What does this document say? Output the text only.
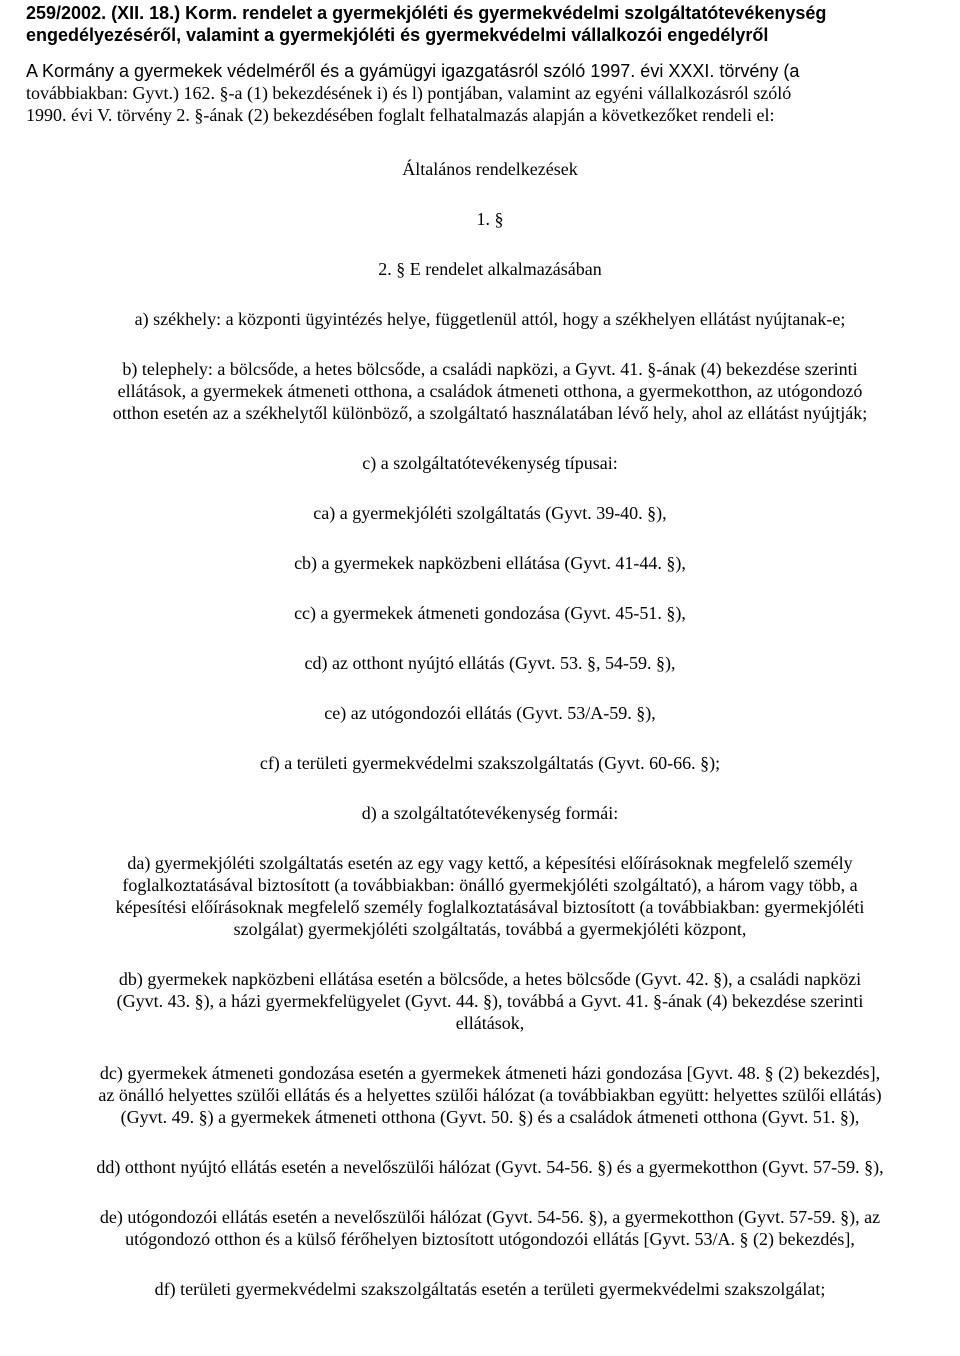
259/2002. (XII. 18.) Korm. rendelet a gyermekjóléti és gyermekvédelmi szolgáltatótevékenység
engedélyezéséről, valamint a gyermekjóléti és gyermekvédelmi vállalkozói engedélyről
A Kormány a gyermekek védelméről és a gyámügyi igazgatásról szóló 1997. évi XXXI. törvény (a
továbbiakban: Gyvt.) 162. §-a (1) bekezdésének i) és l) pontjában, valamint az egyéni vállalkozásról szóló
1990. évi V. törvény 2. §-ának (2) bekezdésében foglalt felhatalmazás alapján a következőket rendeli el:
Általános rendelkezések
1. §
2. § E rendelet alkalmazásában
a) székhely: a központi ügyintézés helye, függetlenül attól, hogy a székhelyen ellátást nyújtanak-e;
b) telephely: a bölcsőde, a hetes bölcsőde, a családi napközi, a Gyvt. 41. §-ának (4) bekezdése szerinti
ellátások, a gyermekek átmeneti otthona, a családok átmeneti otthona, a gyermekotthon, az utógondozó
otthon esetén az a székhelytől különböző, a szolgáltató használatában lévő hely, ahol az ellátást nyújtják;
c) a szolgáltatótevékenység típusai:
ca) a gyermekjóléti szolgáltatás (Gyvt. 39-40. §),
cb) a gyermekek napközbeni ellátása (Gyvt. 41-44. §),
cc) a gyermekek átmeneti gondozása (Gyvt. 45-51. §),
cd) az otthont nyújtó ellátás (Gyvt. 53. §, 54-59. §),
ce) az utógondozói ellátás (Gyvt. 53/A-59. §),
cf) a területi gyermekvédelmi szakszolgáltatás (Gyvt. 60-66. §);
d) a szolgáltatótevékenység formái:
da) gyermekjóléti szolgáltatás esetén az egy vagy kettő, a képesítési előírásoknak megfelelő személy
foglalkoztatásával biztosított (a továbbiakban: önálló gyermekjóléti szolgáltató), a három vagy több, a
képesítési előírásoknak megfelelő személy foglalkoztatásával biztosított (a továbbiakban: gyermekjóléti
szolgálat) gyermekjóléti szolgáltatás, továbbá a gyermekjóléti központ,
db) gyermekek napközbeni ellátása esetén a bölcsőde, a hetes bölcsőde (Gyvt. 42. §), a családi napközi
(Gyvt. 43. §), a házi gyermekfelügyelet (Gyvt. 44. §), továbbá a Gyvt. 41. §-ának (4) bekezdése szerinti
ellátások,
dc) gyermekek átmeneti gondozása esetén a gyermekek átmeneti házi gondozása [Gyvt. 48. § (2) bekezdés],
az önálló helyettes szülői ellátás és a helyettes szülői hálózat (a továbbiakban együtt: helyettes szülői ellátás)
(Gyvt. 49. §) a gyermekek átmeneti otthona (Gyvt. 50. §) és a családok átmeneti otthona (Gyvt. 51. §),
dd) otthont nyújtó ellátás esetén a nevelőszülői hálózat (Gyvt. 54-56. §) és a gyermekotthon (Gyvt. 57-59. §),
de) utógondozói ellátás esetén a nevelőszülői hálózat (Gyvt. 54-56. §), a gyermekotthon (Gyvt. 57-59. §), az
utógondozó otthon és a külső férőhelyen biztosított utógondozói ellátás [Gyvt. 53/A. § (2) bekezdés],
df) területi gyermekvédelmi szakszolgáltatás esetén a területi gyermekvédelmi szakszolgálat;
